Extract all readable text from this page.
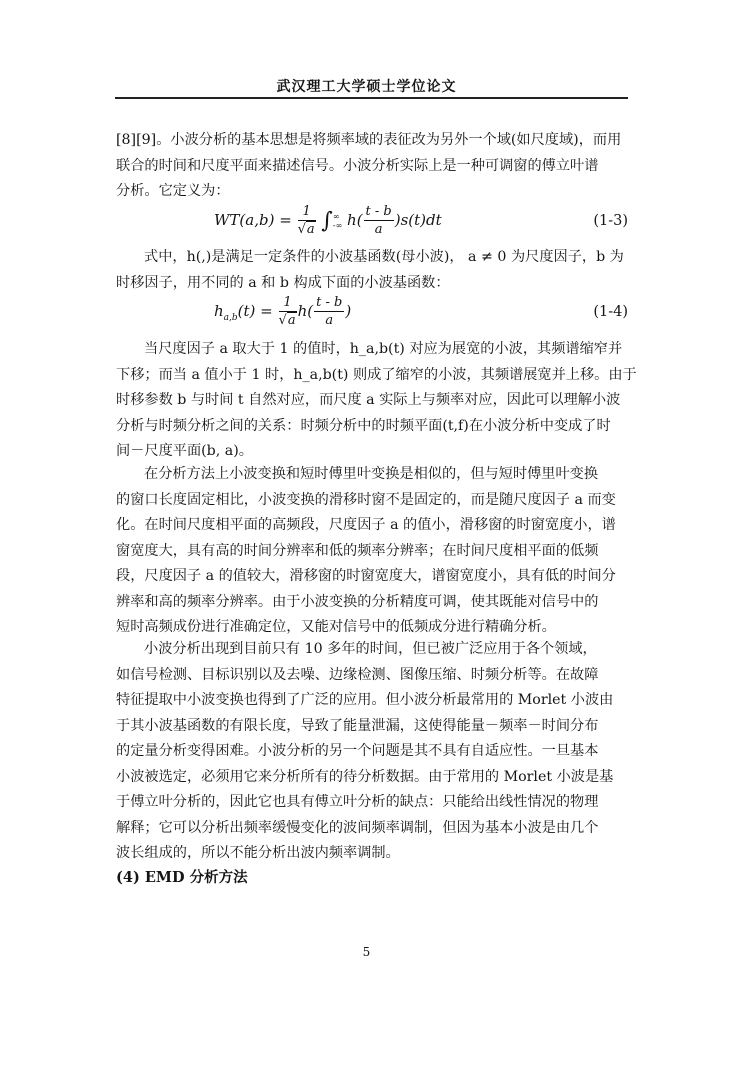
武汉理工大学硕士学位论文
[8][9]。小波分析的基本思想是将频率域的表征改为另外一个域(如尺度域)，而用
联合的时间和尺度平面来描述信号。小波分析实际上是一种可调窗的傅立叶谱
分析。它定义为：
$WT(a,b) = \frac{1}{√a}$ ∫∞
-∞ $h( \frac{t - b}{a} )s(t)dt$	(1-3)
式中，h(,)是满足一定条件的小波基函数(母小波)， a ≠ 0 为尺度因子，b 为
时移因子，用不同的 a 和 b 构成下面的小波基函数：
$h_{a,b}(t) = \frac{1}{√a} h( \frac{t - b}{a}$ )	(1-4)
当尺度因子 a 取大于 1 的值时，h_a,b(t) 对应为展宽的小波，其频谱缩窄并
下移；而当 a 值小于 1 时，h_a,b(t) 则成了缩窄的小波，其频谱展宽并上移。由于
时移参数 b 与时间 t 自然对应，而尺度 a 实际上与频率对应，因此可以理解小波
分析与时频分析之间的关系：时频分析中的时频平面(t,f)在小波分析中变成了时
间－尺度平面(b, a)。
在分析方法上小波变换和短时傅里叶变换是相似的，但与短时傅里叶变换
的窗口长度固定相比，小波变换的滑移时窗不是固定的，而是随尺度因子 a 而变
化。在时间尺度相平面的高频段，尺度因子 a 的值小，滑移窗的时窗宽度小，谱
窗宽度大，具有高的时间分辨率和低的频率分辨率；在时间尺度相平面的低频
段，尺度因子 a 的值较大，滑移窗的时窗宽度大，谱窗宽度小，具有低的时间分
辨率和高的频率分辨率。由于小波变换的分析精度可调，使其既能对信号中的
短时高频成份进行准确定位，又能对信号中的低频成分进行精确分析。
小波分析出现到目前只有 10 多年的时间，但已被广泛应用于各个领域，
如信号检测、目标识别以及去噪、边缘检测、图像压缩、时频分析等。在故障
特征提取中小波变换也得到了广泛的应用。但小波分析最常用的 Morlet 小波由
于其小波基函数的有限长度，导致了能量泄漏，这使得能量－频率－时间分布
的定量分析变得困难。小波分析的另一个问题是其不具有自适应性。一旦基本
小波被选定，必须用它来分析所有的待分析数据。由于常用的 Morlet 小波是基
于傅立叶分析的，因此它也具有傅立叶分析的缺点：只能给出线性情况的物理
解释；它可以分析出频率缓慢变化的波间频率调制，但因为基本小波是由几个
波长组成的，所以不能分析出波内频率调制。
(4) EMD 分析方法
5
